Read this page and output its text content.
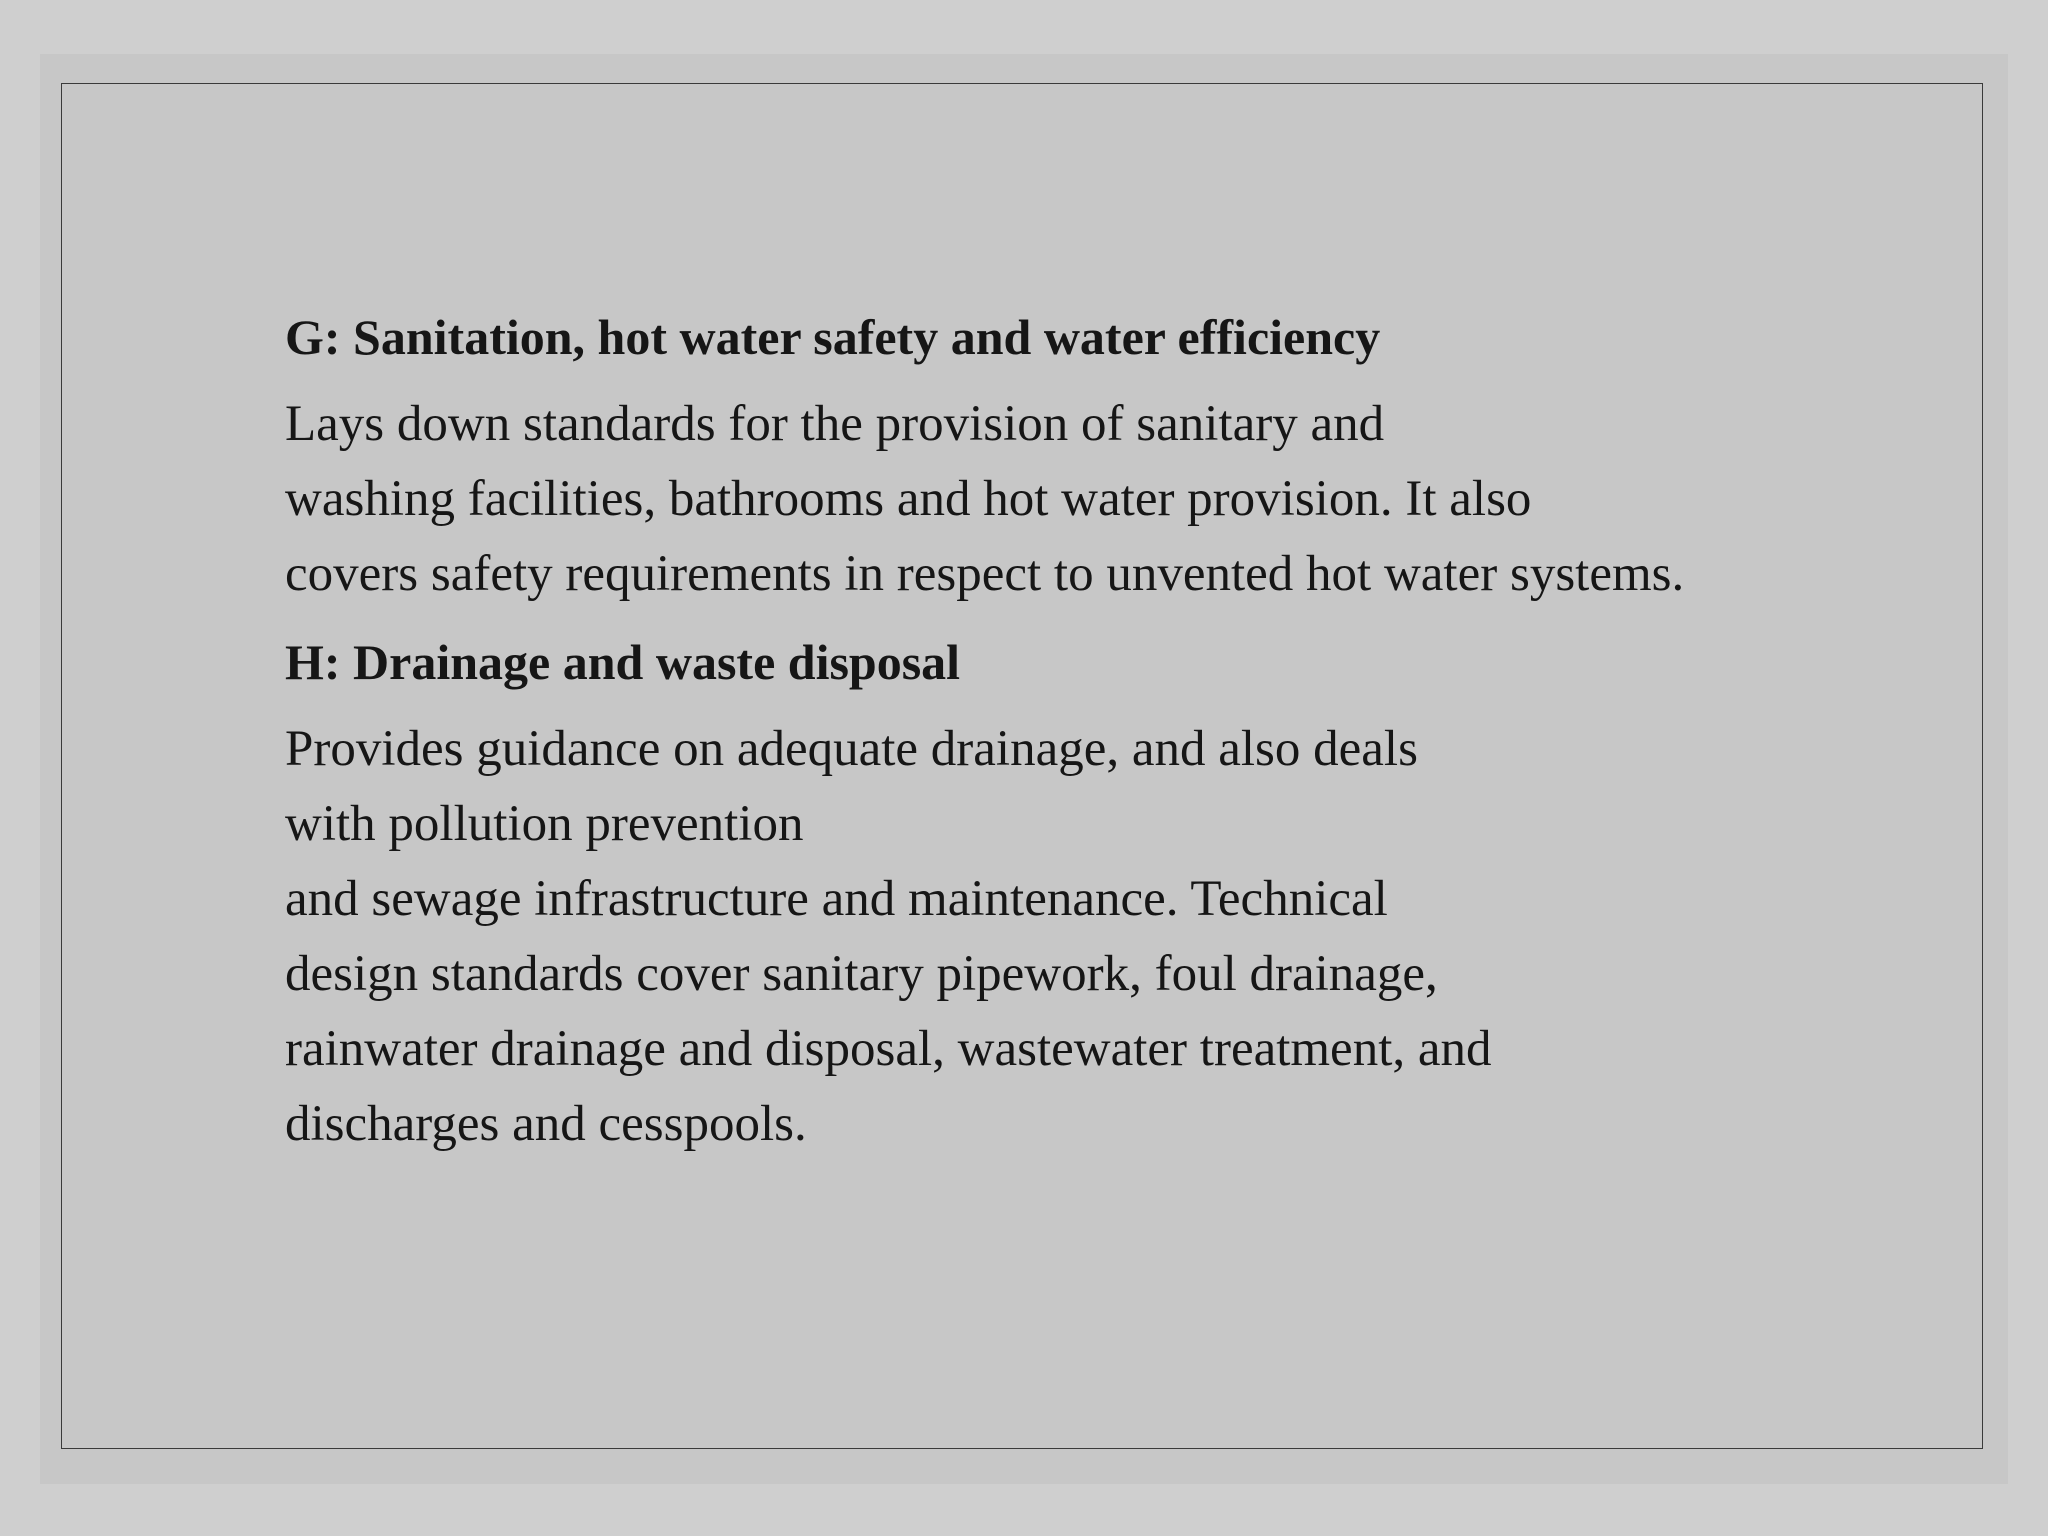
G: Sanitation, hot water safety and water efficiency

Lays down standards for the provision of sanitary and
washing facilities, bathrooms and hot water provision. It also
covers safety requirements in respect to unvented hot water systems.

H: Drainage and waste disposal

Provides guidance on adequate drainage, and also deals
with pollution prevention
and sewage infrastructure and maintenance. Technical
design standards cover sanitary pipework, foul drainage,
rainwater drainage and disposal, wastewater treatment, and
discharges and cesspools.
